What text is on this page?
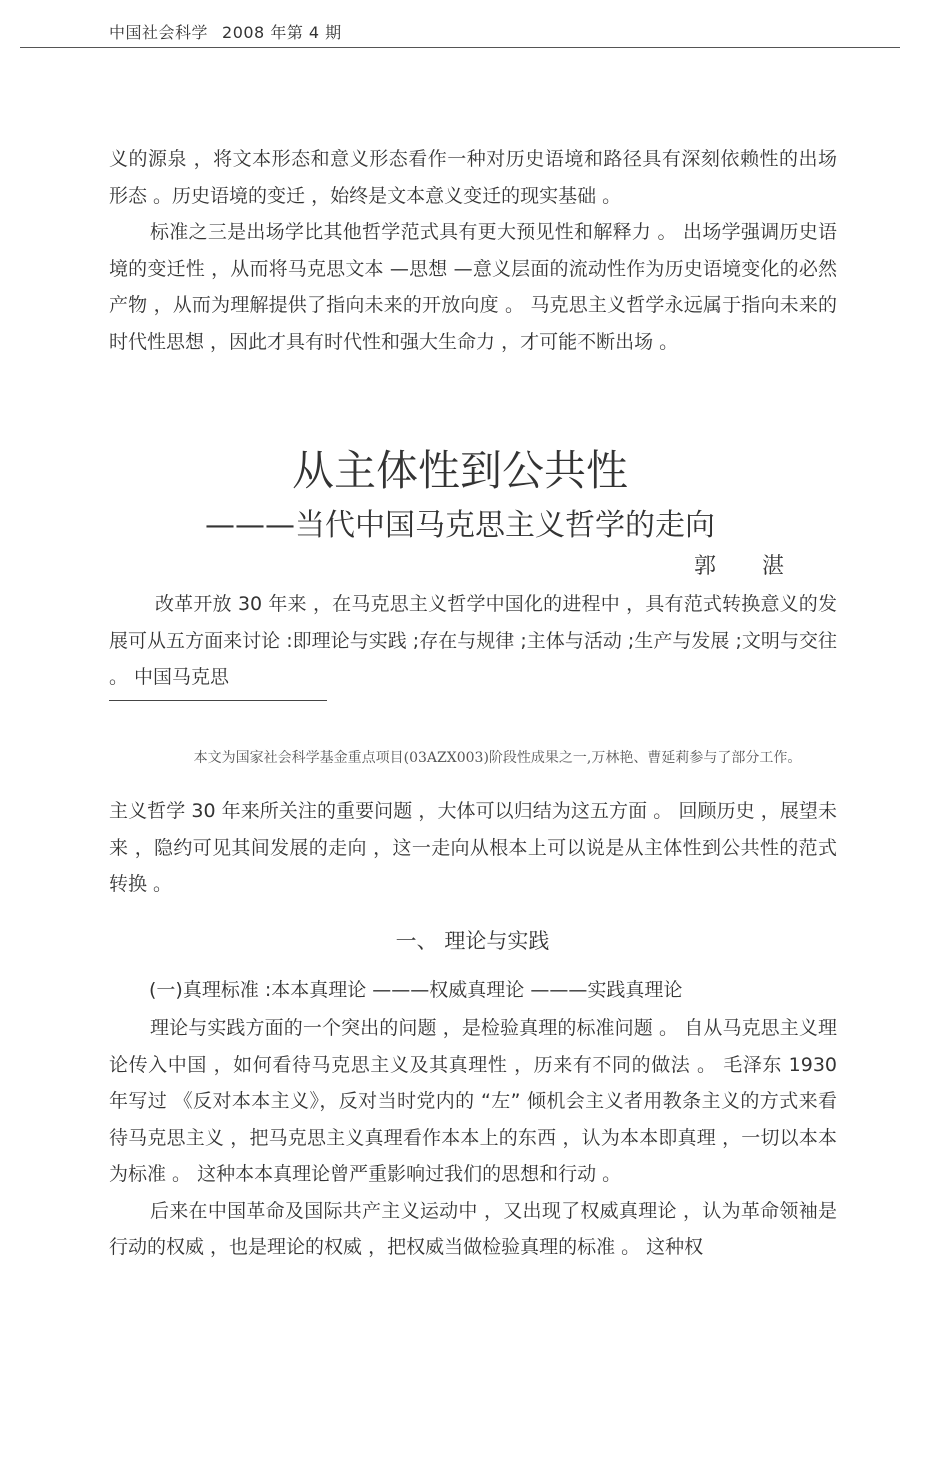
中国社会科学 2008 年第 4 期

义的源泉 ，将文本形态和意义形态看作一种对历史语境和路径具有深刻依赖性的出场形态 。历史语境的变迁 ，始终是文本意义变迁的现实基础 。

标准之三是出场学比其他哲学范式具有更大预见性和解释力 。 出场学强调历史语境的变迁性 ，从而将马克思文本 —思想 —意义层面的流动性作为历史语境变化的必然产物 ，从而为理解提供了指向未来的开放向度 。 马克思主义哲学永远属于指向未来的时代性思想 ，因此才具有时代性和强大生命力 ，才可能不断出场 。

从主体性到公共性
———当代中国马克思主义哲学的走向
郭湛

改革开放 30 年来 ，在马克思主义哲学中国化的进程中 ，具有范式转换意义的发展可从五方面来讨论 :即理论与实践 ;存在与规律 ;主体与活动 ;生产与发展 ;文明与交往 。 中国马克思

本文为国家社会科学基金重点项目(03AZX003)阶段性成果之一,万林艳、曹延莉参与了部分工作。

主义哲学 30 年来所关注的重要问题 ，大体可以归结为这五方面 。 回顾历史 ，展望未来 ，隐约可见其间发展的走向 ，这一走向从根本上可以说是从主体性到公共性的范式转换 。

一、 理论与实践
(一)真理标准 :本本真理论 ———权威真理论 ———实践真理论

理论与实践方面的一个突出的问题 ，是检验真理的标准问题 。 自从马克思主义理论传入中国 ，如何看待马克思主义及其真理性 ，历来有不同的做法 。 毛泽东 1930 年写过 《反对本本主义》，反对当时党内的 “左” 倾机会主义者用教条主义的方式来看待马克思主义 ，把马克思主义真理看作本本上的东西 ，认为本本即真理 ，一切以本本为标准 。 这种本本真理论曾严重影响过我们的思想和行动 。

后来在中国革命及国际共产主义运动中 ，又出现了权威真理论 ，认为革命领袖是行动的权威 ，也是理论的权威 ，把权威当做检验真理的标准 。 这种权
